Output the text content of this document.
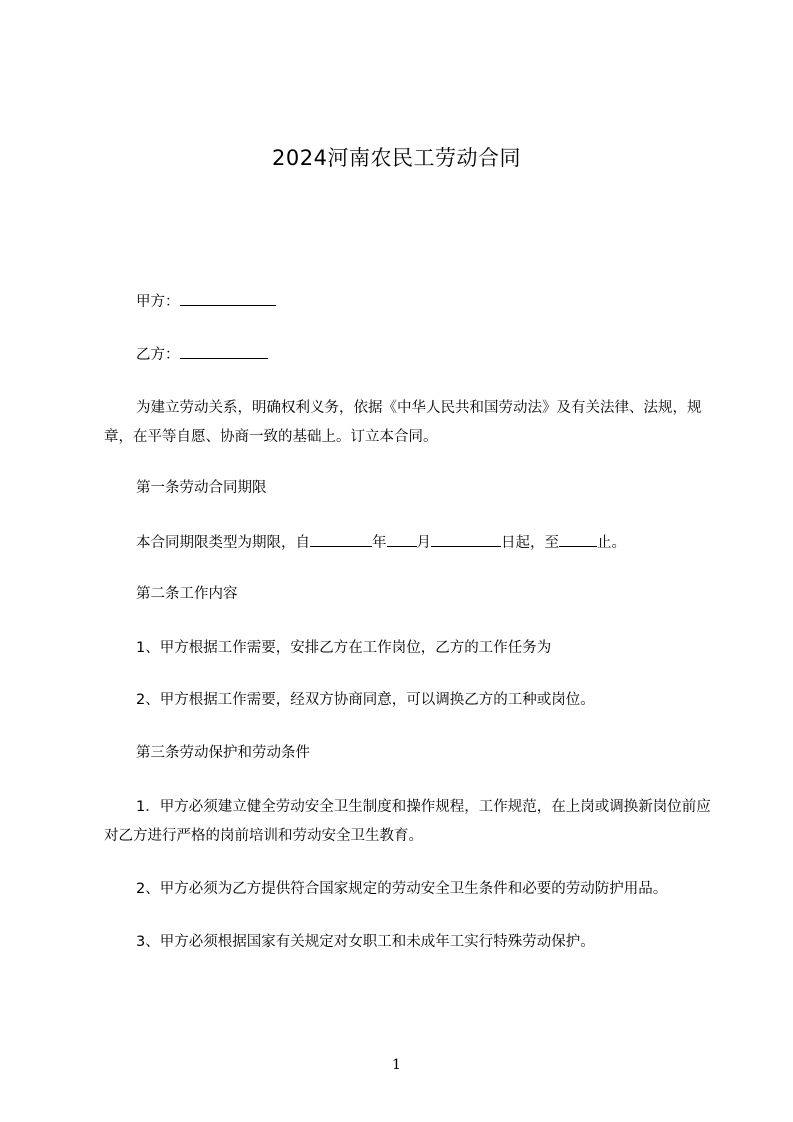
2024河南农民工劳动合同
甲方：
乙方：
为建立劳动关系，明确权利义务，依据《中华人民共和国劳动法》及有关法律、法规，规章，在平等自愿、协商一致的基础上。订立本合同。
第一条劳动合同期限
本合同期限类型为期限，自	年 月	日起，至	止。
第二条工作内容
1、甲方根据工作需要，安排乙方在工作岗位，乙方的工作任务为
2、甲方根据工作需要，经双方协商同意，可以调换乙方的工种或岗位。
第三条劳动保护和劳动条件
1．甲方必须建立健全劳动安全卫生制度和操作规程，工作规范，在上岗或调换新岗位前应对乙方进行严格的岗前培训和劳动安全卫生教育。
2、甲方必须为乙方提供符合国家规定的劳动安全卫生条件和必要的劳动防护用品。
3、甲方必须根据国家有关规定对女职工和未成年工实行特殊劳动保护。
1
